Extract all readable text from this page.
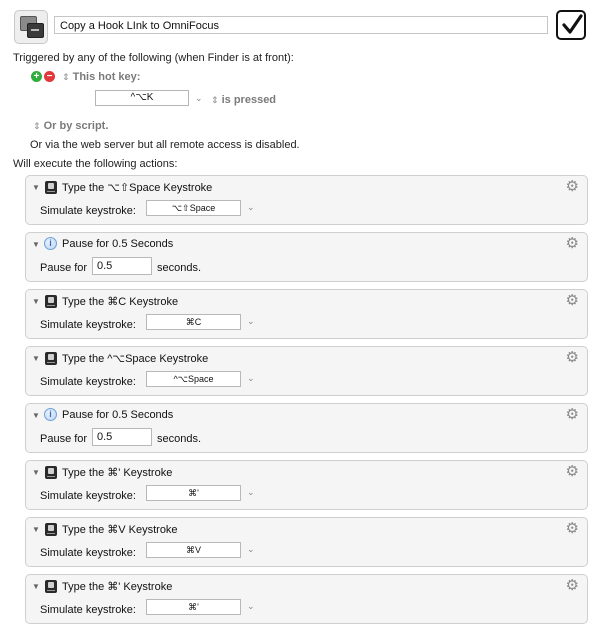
Copy a Hook LInk to OmniFocus
Triggered by any of the following (when Finder is at front):
+ − ⇕ This hot key:
^⌥K	⌄ ⇕ is pressed
⇕ Or by script.
Or via the web server but all remote access is disabled.
Will execute the following actions:
▼ Type the ⌥⇧Space Keystroke	⚙
Simulate keystroke:	⌥⇧Space	⌄
▼	i Pause for 0.5 Seconds	⚙
Pause for 0.5	seconds.
▼ Type the ⌘C Keystroke	⚙
Simulate keystroke:	⌘C	⌄
▼ Type the ^⌥Space Keystroke	⚙
Simulate keystroke:	^⌥Space	⌄
▼	i Pause for 0.5 Seconds	⚙
Pause for 0.5	seconds.
▼ Type the ⌘' Keystroke	⚙
Simulate keystroke:	⌘'	⌄
▼ Type the ⌘V Keystroke	⚙
Simulate keystroke:	⌘V	⌄
▼ Type the ⌘' Keystroke	⚙
Simulate keystroke:	⌘'	⌄
